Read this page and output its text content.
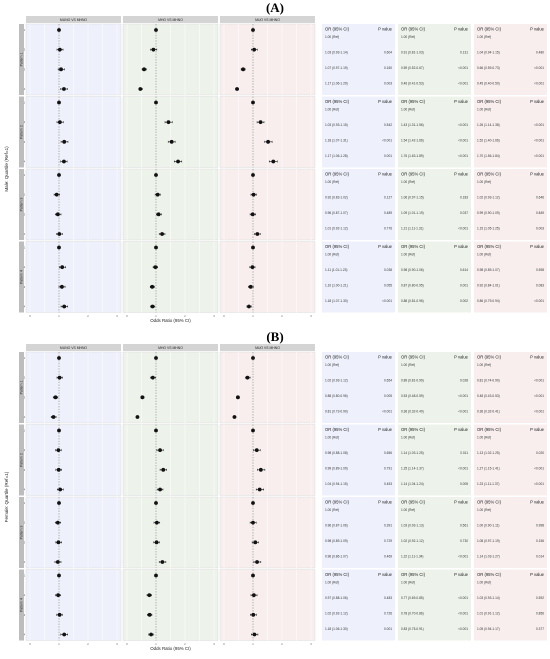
(A)
MUNO VS MHNO	MHO VS MHNO	MUO VS MHNO
Pattern 1
1
2
3
4
OR (95% CI)	P value
1.00 (Ref)
1.03 (0.93-1.14)	0.604
1.07 (0.97-1.19)	0.160
1.17 (1.06-1.29)	0.003
OR (95% CI)	P value
1.00 (Ref)
0.91 (0.81-1.03)	0.131
0.59 (0.52-0.67)	<0.001
0.46 (0.41-0.53)	<0.001
OR (95% CI)	P value
1.00 (Ref)
1.04 (0.94-1.15)	0.480
0.66 (0.59-0.73)	<0.001
0.45 (0.40-0.50)	<0.001
Pattern 2
1
2
3
4
OR (95% CI)	P value
1.00 (Ref)
1.03 (0.93-1.15)	0.542
1.18 (1.07-1.31)	<0.001
1.17 (1.06-1.28)	0.001
OR (95% CI)	P value
1.00 (Ref)
1.43 (1.31-1.56)	<0.001
1.54 (1.42-1.66)	<0.001
1.76 (1.63-1.89)	<0.001
OR (95% CI)	P value
1.00 (Ref)
1.26 (1.14-1.38)	<0.001
1.52 (1.40-1.66)	<0.001
1.70 (1.56-1.84)	<0.001
Pattern 3
1
2
3
4
OR (95% CI)	P value
1.00 (Ref)
0.92 (0.83-1.02)	0.127
0.96 (0.87-1.07)	0.489
1.01 (0.92-1.12)	0.776
OR (95% CI)	P value
1.00 (Ref)
1.06 (0.97-1.15)	0.183
1.09 (1.01-1.19)	0.037
1.21 (1.11-1.31)	<0.001
OR (95% CI)	P value
1.00 (Ref)
1.02 (0.93-1.12)	0.646
0.99 (0.90-1.09)	0.849
1.15 (1.05-1.25)	0.003
Pattern 4
1
2
3
4
0	1	2	3	0	1	2	3	0	1	2	3
OR (95% CI)	P value
1.00 (Ref)
1.11 (1.01-1.23)	0.038
1.10 (1.00-1.21)	0.055
1.18 (1.07-1.30)	<0.001
OR (95% CI)	P value
1.00 (Ref)
0.98 (0.90-1.06)	0.614
0.87 (0.80-0.95)	0.001
0.88 (0.81-0.96)	0.002
OR (95% CI)	P value
1.00 (Ref)
0.98 (0.89-1.07)	0.598
0.92 (0.84-1.01)	0.083
0.86 (0.79-0.94)	<0.001
Male: Quartile (Ref=1)
Odds Ratio (95% CI)
(B)
MUNO VS MHNO	MHO VS MHNO	MUO VS MHNO
Pattern 1
1
2
3
4
OR (95% CI)	P value
1.00 (Ref)
1.02 (0.93-1.12)	0.654
0.88 (0.80-0.96)	0.005
0.81 (0.73-0.90)	<0.001
OR (95% CI)	P value
1.00 (Ref)
0.89 (0.81-0.99)	0.028
0.53 (0.48-0.59)	<0.001
0.36 (0.32-0.40)	<0.001
OR (95% CI)	P value
1.00 (Ref)
0.81 (0.74-0.90)	<0.001
0.48 (0.43-0.53)	<0.001
0.36 (0.32-0.41)	<0.001
Pattern 2
1
2
3
4
OR (95% CI)	P value
1.00 (Ref)
0.98 (0.88-1.08)	0.656
0.99 (0.89-1.09)	0.791
1.04 (0.94-1.15)	0.453
OR (95% CI)	P value
1.00 (Ref)
1.14 (1.03-1.25)	0.011
1.25 (1.14-1.37)	<0.001
1.14 (1.04-1.24)	0.005
OR (95% CI)	P value
1.00 (Ref)
1.13 (1.02-1.25)	0.020
1.27 (1.15-1.41)	<0.001
1.23 (1.11-1.37)	<0.001
Pattern 3
1
2
3
4
OR (95% CI)	P value
1.00 (Ref)
0.96 (0.87-1.06)	0.391
0.98 (0.89-1.09)	0.729
0.96 (0.86-1.07)	0.469
OR (95% CI)	P value
1.00 (Ref)
1.03 (0.93-1.13)	0.561
1.02 (0.92-1.12)	0.730
1.22 (1.11-1.34)	<0.001
OR (95% CI)	P value
1.00 (Ref)
1.00 (0.90-1.11)	0.998
1.08 (0.97-1.19)	0.156
1.14 (1.03-1.27)	0.014
Pattern 4
1
2
3
4
0	1	2	3	0	1	2	3	0	1	2	3
OR (95% CI)	P value
1.00 (Ref)
0.97 (0.88-1.06)	0.483
1.02 (0.92-1.12)	0.726
1.18 (1.06-1.30)	0.001
OR (95% CI)	P value
1.00 (Ref)
0.77 (0.69-0.85)	<0.001
0.78 (0.70-0.86)	<0.001
0.83 (0.75-0.91)	<0.001
OR (95% CI)	P value
1.00 (Ref)
1.03 (0.93-1.14)	0.592
1.01 (0.91-1.12)	0.856
1.05 (0.94-1.17)	0.377
Female: Quartile (Ref=1)
Odds Ratio (95% CI)
